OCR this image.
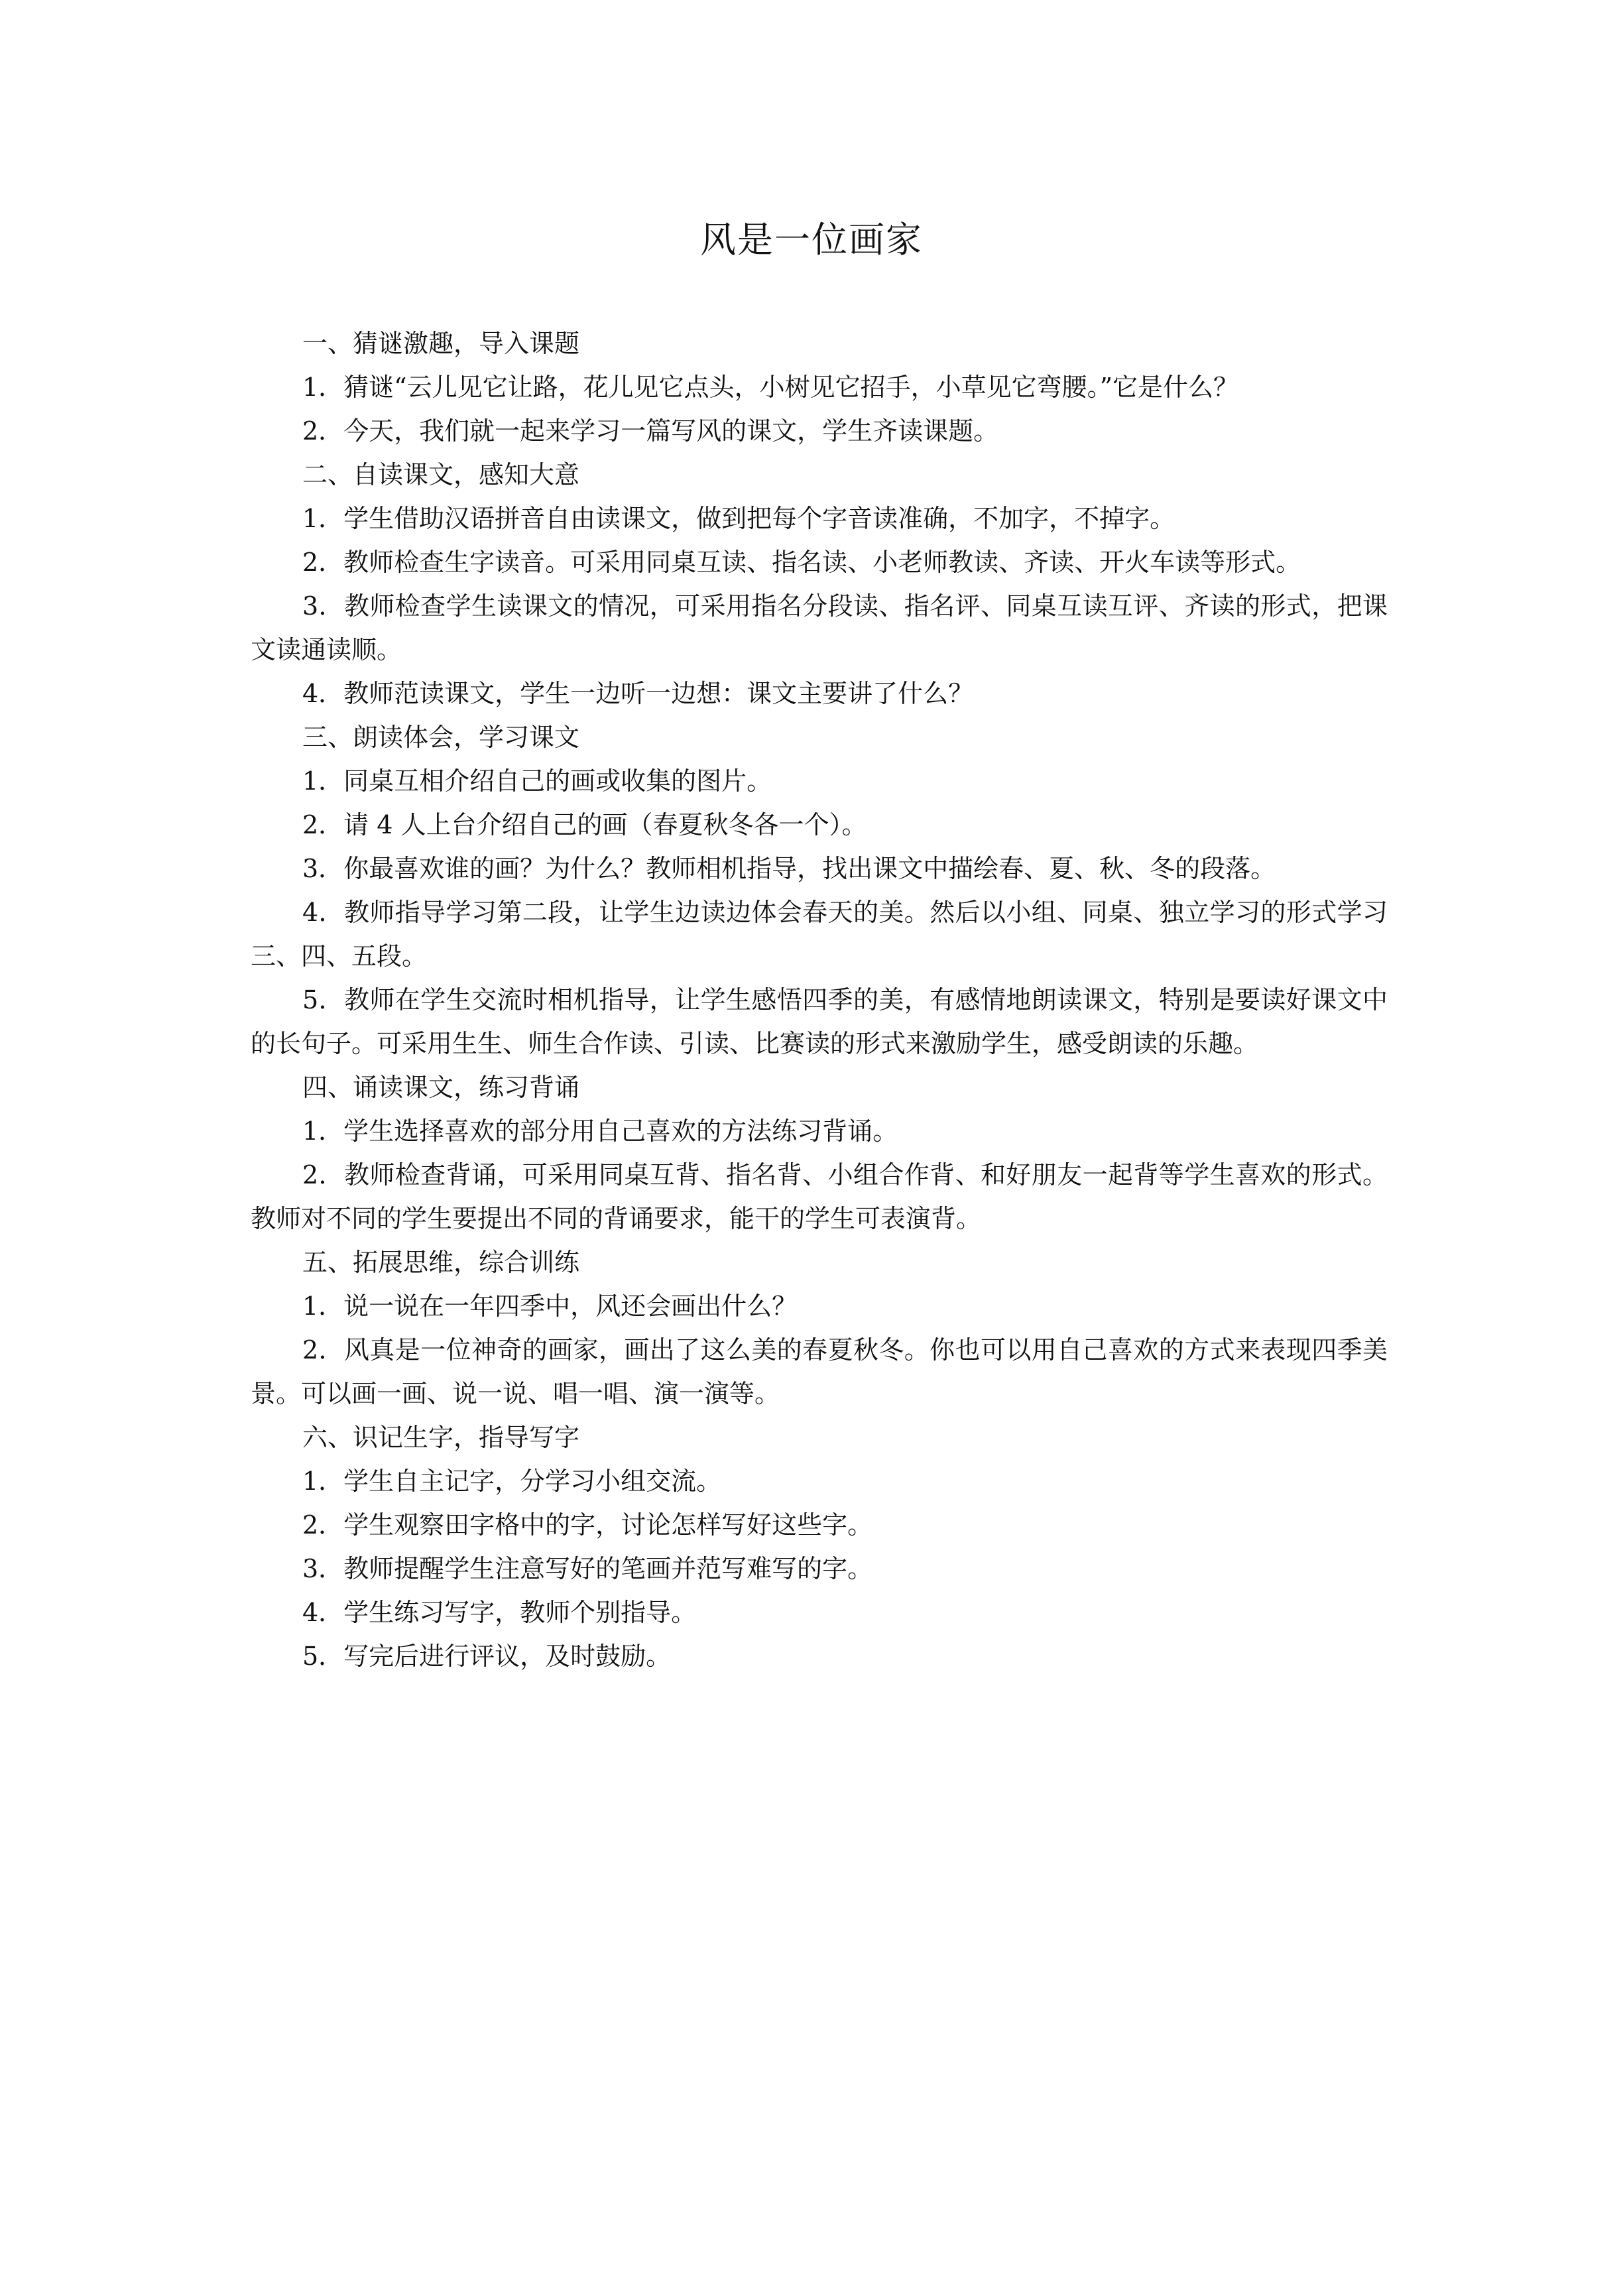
风是一位画家

一、猜谜激趣，导入课题

1．猜谜“云儿见它让路，花儿见它点头，小树见它招手，小草见它弯腰。”它是什么？

2．今天，我们就一起来学习一篇写风的课文，学生齐读课题。

二、自读课文，感知大意

1．学生借助汉语拼音自由读课文，做到把每个字音读准确，不加字，不掉字。

2．教师检查生字读音。可采用同桌互读、指名读、小老师教读、齐读、开火车读等形式。

3．教师检查学生读课文的情况，可采用指名分段读、指名评、同桌互读互评、齐读的形式，把课文读通读顺。

4．教师范读课文，学生一边听一边想：课文主要讲了什么？

三、朗读体会，学习课文

1．同桌互相介绍自己的画或收集的图片。

2．请 4 人上台介绍自己的画（春夏秋冬各一个）。

3．你最喜欢谁的画？为什么？教师相机指导，找出课文中描绘春、夏、秋、冬的段落。

4．教师指导学习第二段，让学生边读边体会春天的美。然后以小组、同桌、独立学习的形式学习三、四、五段。

5．教师在学生交流时相机指导，让学生感悟四季的美，有感情地朗读课文，特别是要读好课文中的长句子。可采用生生、师生合作读、引读、比赛读的形式来激励学生，感受朗读的乐趣。

四、诵读课文，练习背诵

1．学生选择喜欢的部分用自己喜欢的方法练习背诵。

2．教师检查背诵，可采用同桌互背、指名背、小组合作背、和好朋友一起背等学生喜欢的形式。教师对不同的学生要提出不同的背诵要求，能干的学生可表演背。

五、拓展思维，综合训练

1．说一说在一年四季中，风还会画出什么？

2．风真是一位神奇的画家，画出了这么美的春夏秋冬。你也可以用自己喜欢的方式来表现四季美景。可以画一画、说一说、唱一唱、演一演等。

六、识记生字，指导写字

1．学生自主记字，分学习小组交流。

2．学生观察田字格中的字，讨论怎样写好这些字。

3．教师提醒学生注意写好的笔画并范写难写的字。

4．学生练习写字，教师个别指导。

5．写完后进行评议，及时鼓励。
